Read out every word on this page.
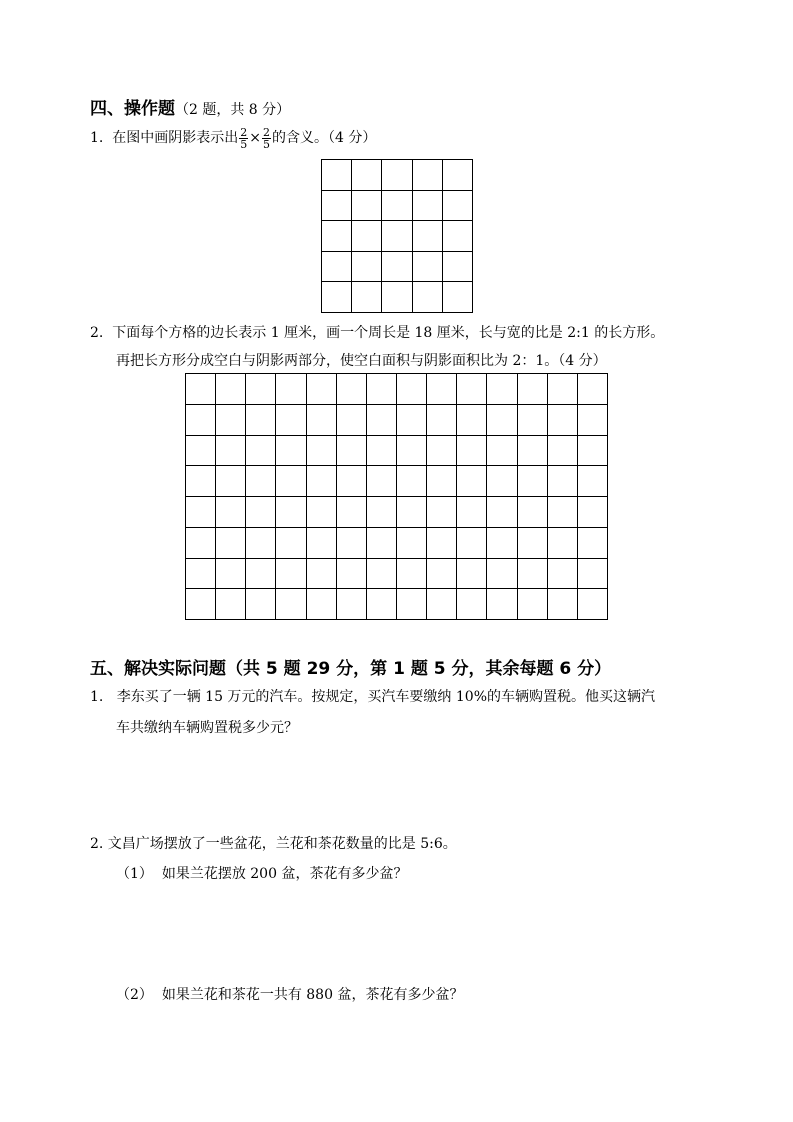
四、操作题（2 题，共 8 分）
1. 在图中画阴影表示出 $\frac{2}{5} \times \frac{2}{5}$ 的含义。（4 分）

2. 下面每个方格的边长表示 1 厘米，画一个周长是 18 厘米，长与宽的比是 2:1 的长方形。
再把长方形分成空白与阴影两部分，使空白面积与阴影面积比为 2：1。（4 分）

五、解决实际问题（共 5 题 29 分，第 1 题 5 分，其余每题 6 分）
1. 李东买了一辆 15 万元的汽车。按规定，买汽车要缴纳 10%的车辆购置税。他买这辆汽
车共缴纳车辆购置税多少元？
2. 文昌广场摆放了一些盆花，兰花和茶花数量的比是 5:6。
（1） 如果兰花摆放 200 盆，茶花有多少盆？
（2） 如果兰花和茶花一共有 880 盆，茶花有多少盆？
